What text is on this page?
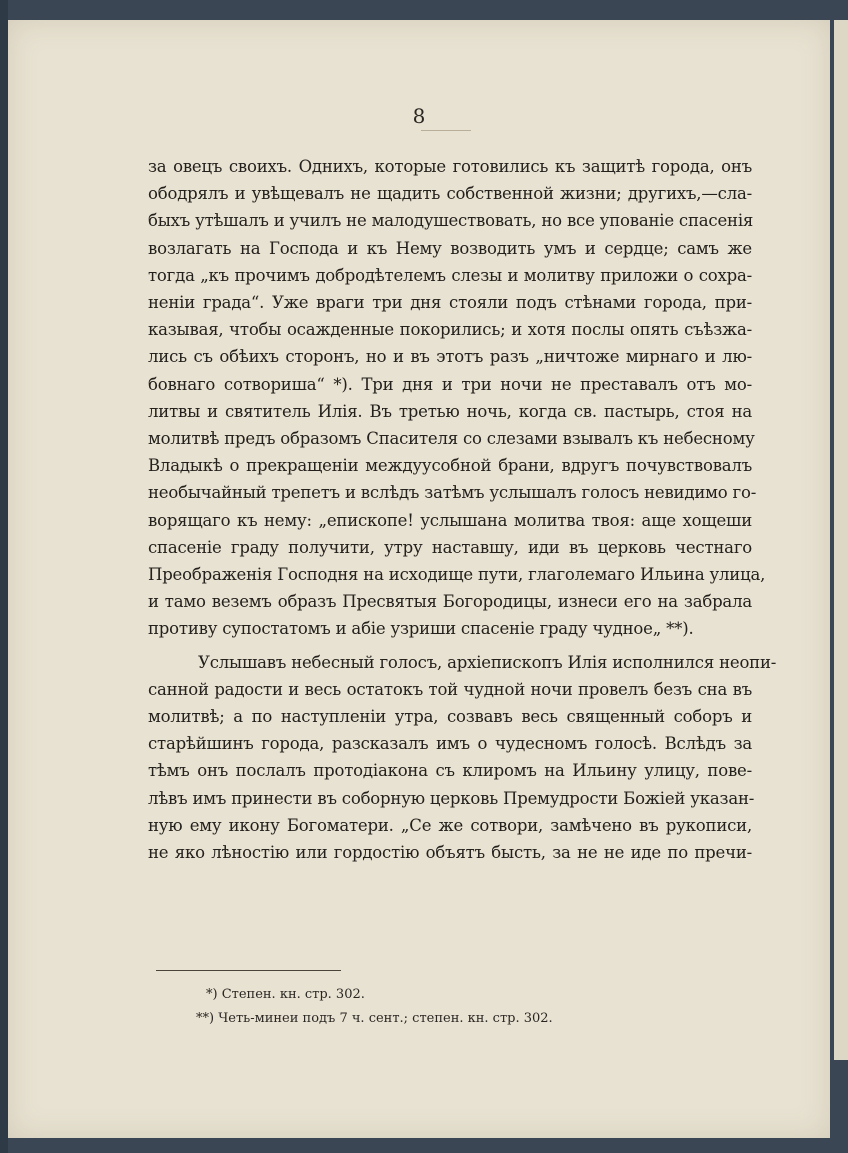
8
за овецъ своихъ. Однихъ, которые готовились къ защитѣ города, онъ
ободрялъ и увѣщевалъ не щадить собственной жизни; другихъ,—сла-
быхъ утѣшалъ и училъ не малодушествовать, но все упованіе спасенія
возлагать на Господа и къ Нему возводить умъ и сердце; самъ же
тогда „къ прочимъ добродѣтелемъ слезы и молитву приложи о сохра-
неніи града“. Уже враги три дня стояли подъ стѣнами города, при-
казывая, чтобы осажденные покорились; и хотя послы опять съѣзжа-
лись съ обѣихъ сторонъ, но и въ этотъ разъ „ничтоже мирнаго и лю-
бовнаго сотвориша“ *). Три дня и три ночи не преставалъ отъ мо-
литвы и святитель Илія. Въ третью ночь, когда св. пастырь, стоя на
молитвѣ предъ образомъ Спасителя со слезами взывалъ къ небесному
Владыкѣ о прекращеніи междуусобной брани, вдругъ почувствовалъ
необычайный трепетъ и вслѣдъ затѣмъ услышалъ голосъ невидимо го-
ворящаго къ нему: „епископе! услышана молитва твоя: аще хощеши
спасеніе граду получити, утру наставшу, иди въ церковь честнаго
Преображенія Господня на исходище пути, глаголемаго Ильина улица,
и тамо веземъ образъ Пресвятыя Богородицы, изнеси его на забрала
противу супостатомъ и абіе узриши спасеніе граду чудное„ **).
Услышавъ небесный голосъ, архіепископъ Илія исполнился неопи-
санной радости и весь остатокъ той чудной ночи провелъ безъ сна въ
молитвѣ; а по наступленіи утра, созвавъ весь священный соборъ и
старѣйшинъ города, разсказалъ имъ о чудесномъ голосѣ. Вслѣдъ за
тѣмъ онъ послалъ протодіакона съ клиромъ на Ильину улицу, пове-
лѣвъ имъ принести въ соборную церковь Премудрости Божіей указан-
ную ему икону Богоматери. „Се же сотвори, замѣчено въ рукописи,
не яко лѣностію или гордостію объятъ бысть, за не не иде по пречи-
*) Степен. кн. стр. 302.
**) Четь-минеи подъ 7 ч. сент.; степен. кн. стр. 302.
